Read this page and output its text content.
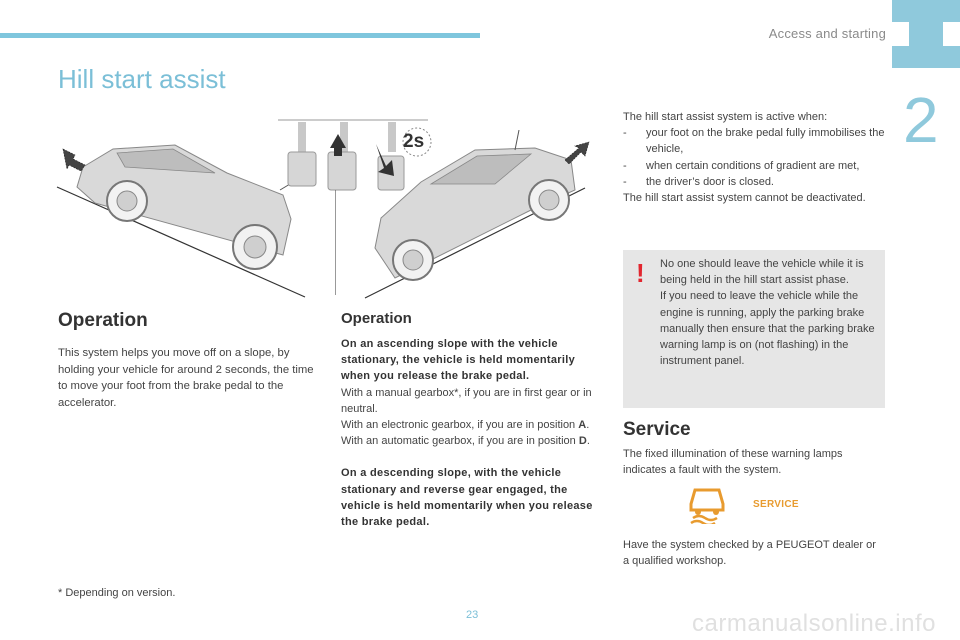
Access and starting
2
Hill start assist
2s
Operation

This system helps you move off on a slope, by holding your vehicle for around 2 seconds, the time to move your foot from the brake pedal to the accelerator.

Operation

On an ascending slope with the vehicle stationary, the vehicle is held momentarily when you release the brake pedal.

With a manual gearbox*, if you are in first gear or in neutral.

With an electronic gearbox, if you are in position A.

With an automatic gearbox, if you are in position D.

On a descending slope, with the vehicle stationary and reverse gear engaged, the vehicle is held momentarily when you release the brake pedal.

* Depending on version.

The hill start assist system is active when:

-	your foot on the brake pedal fully immobilises the vehicle,
-	when certain conditions of gradient are met,
-	the driver’s door is closed.

The hill start assist system cannot be deactivated.

! No one should leave the vehicle while it is being held in the hill start assist phase.

If you need to leave the vehicle while the engine is running, apply the parking brake manually then ensure that the parking brake warning lamp is on (not flashing) in the instrument panel.

Service

The fixed illumination of these warning lamps indicates a fault with the system.

SERVICE

Have the system checked by a PEUGEOT dealer or a qualified workshop.

23	carmanualsonline.info
